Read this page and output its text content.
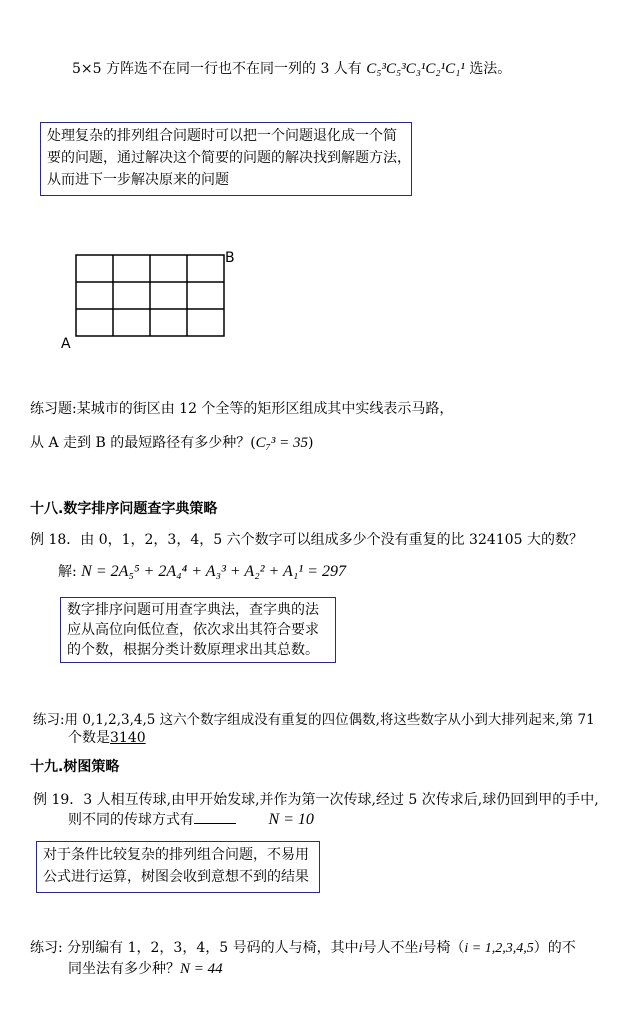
5×5 方阵选不在同一行也不在同一列的 3 人有 C₅³C₅³C₃¹C₂¹C₁¹ 选法。
处理复杂的排列组合问题时可以把一个问题退化成一个简
要的问题，通过解决这个简要的问题的解决找到解题方法，
从而进下一步解决原来的问题
B
A
练习题:某城市的街区由 12 个全等的矩形区组成其中实线表示马路，
从 A 走到 B 的最短路径有多少种？(C₇³ = 35)
十八.数字排序问题查字典策略
例 18．由 0，1，2，3，4，5 六个数字可以组成多少个没有重复的比 324105 大的数？
解: N = 2A₅⁵ + 2A₄⁴ + A₃³ + A₂² + A₁¹ = 297
数字排序问题可用查字典法，查字典的法
应从高位向低位查，依次求出其符合要求
的个数，根据分类计数原理求出其总数。
练习:用 0,1,2,3,4,5 这六个数字组成没有重复的四位偶数,将这些数字从小到大排列起来,第 71
个数是3140
十九.树图策略
例 19．3 人相互传球,由甲开始发球,并作为第一次传球,经过 5 次传求后,球仍回到甲的手中,
则不同的传球方式有	N = 10
对于条件比较复杂的排列组合问题，不易用
公式进行运算，树图会收到意想不到的结果
练习: 分别编有 1，2，3，4，5 号码的人与椅，其中i号人不坐i号椅（i = 1,2,3,4,5）的不
同坐法有多少种？N = 44
